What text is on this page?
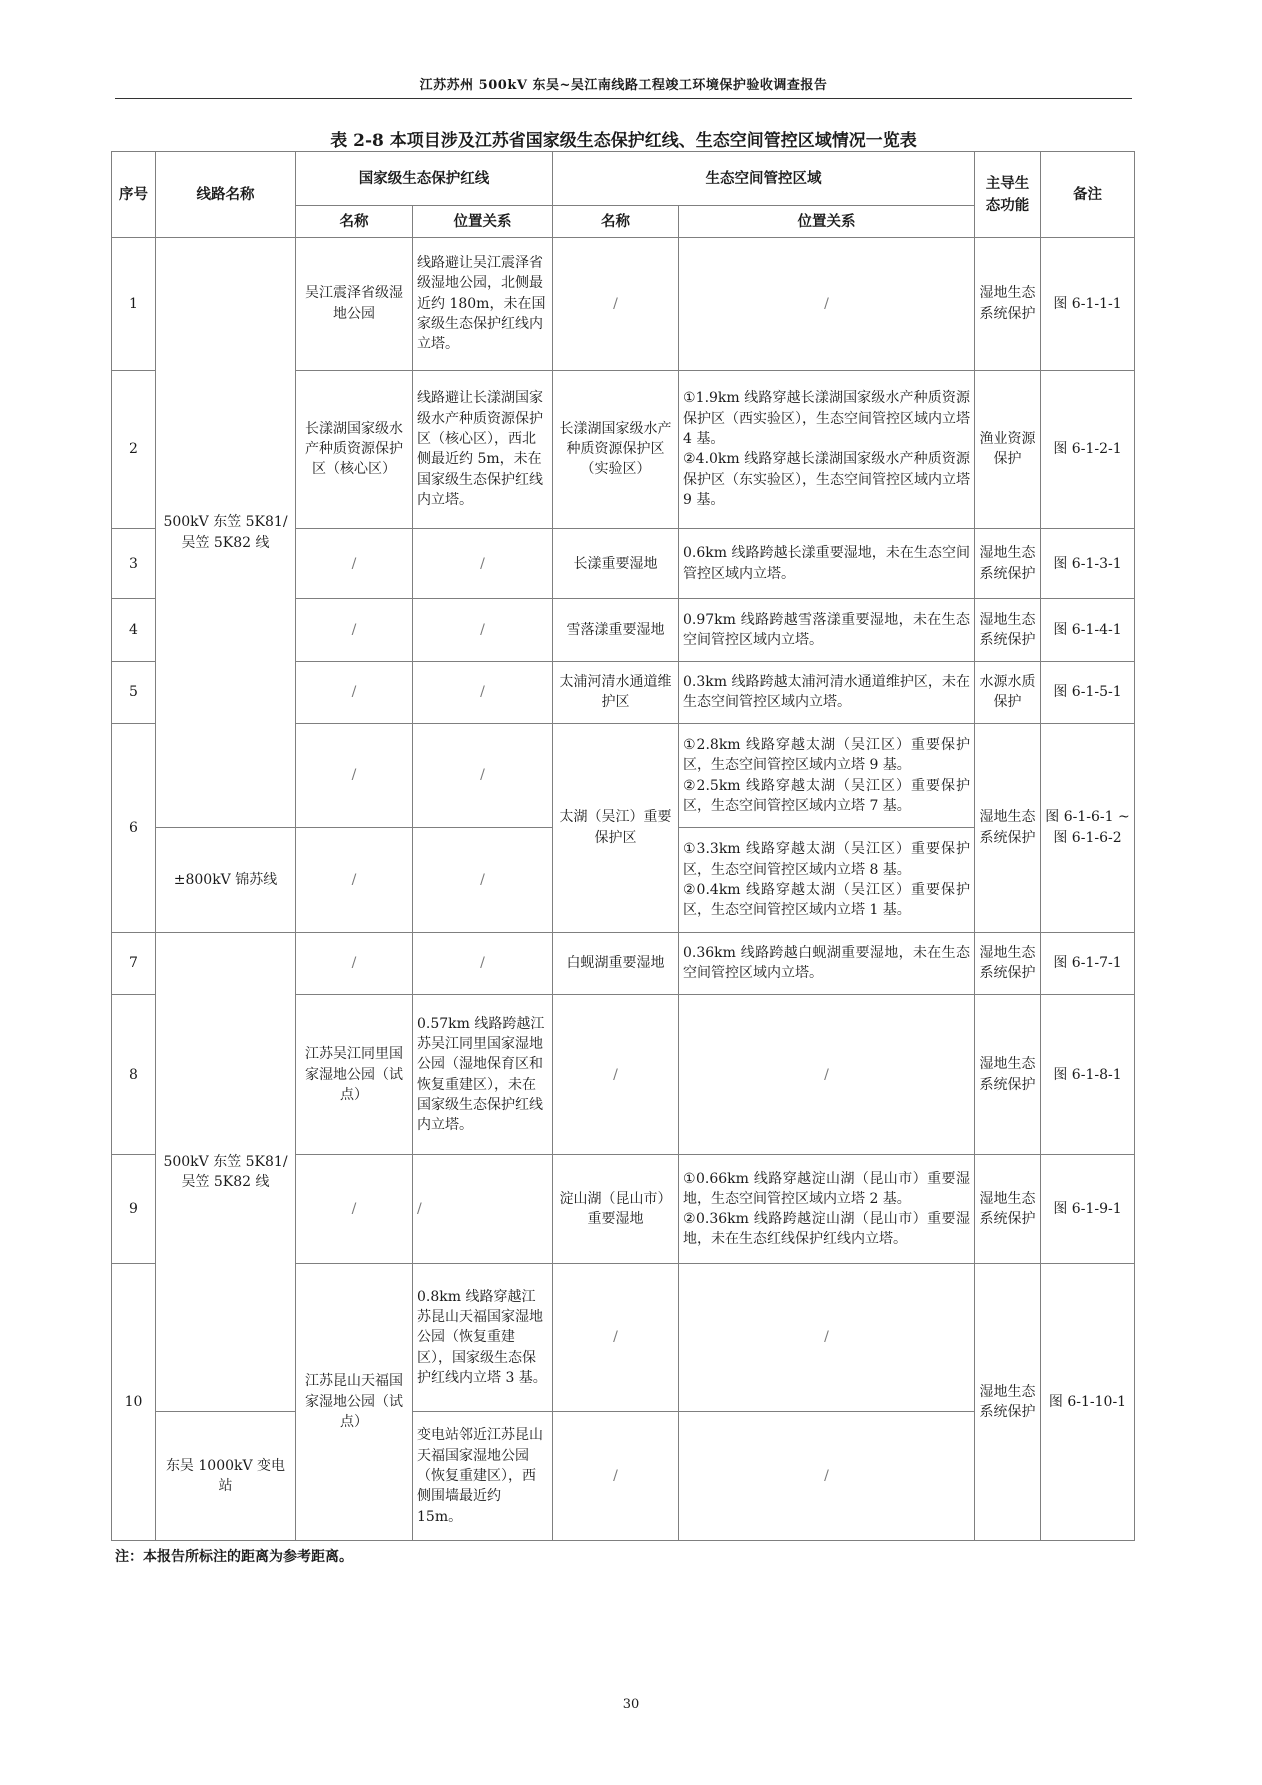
江苏苏州 500kV 东吴~吴江南线路工程竣工环境保护验收调查报告
表 2-8 本项目涉及江苏省国家级生态保护红线、生态空间管控区域情况一览表
序号	线路名称	国家级生态保护红线		生态空间管控区域		主导生态功能	备注
		名称	位置关系	名称	位置关系		
1	500kV 东笠 5K81/吴笠 5K82 线	吴江震泽省级湿地公园	线路避让吴江震泽省级湿地公园，北侧最近约 180m，未在国家级生态保护红线内立塔。	/	/	湿地生态系统保护	图 6-1-1-1
2		长漾湖国家级水产种质资源保护区（核心区）	线路避让长漾湖国家级水产种质资源保护区（核心区），西北侧最近约 5m，未在国家级生态保护红线内立塔。	长漾湖国家级水产种质资源保护区（实验区）	①1.9km 线路穿越长漾湖国家级水产种质资源保护区（西实验区），生态空间管控区域内立塔 4 基。
②4.0km 线路穿越长漾湖国家级水产种质资源保护区（东实验区），生态空间管控区域内立塔 9 基。	渔业资源保护	图 6-1-2-1
3		/	/	长漾重要湿地	0.6km 线路跨越长漾重要湿地，未在生态空间管控区域内立塔。	湿地生态系统保护	图 6-1-3-1
4		/	/	雪落漾重要湿地	0.97km 线路跨越雪落漾重要湿地，未在生态空间管控区域内立塔。	湿地生态系统保护	图 6-1-4-1
5		/	/	太浦河清水通道维护区	0.3km 线路跨越太浦河清水通道维护区，未在生态空间管控区域内立塔。	水源水质保护	图 6-1-5-1
6		/	/	太湖（吴江）重要保护区	①2.8km 线路穿越太湖（吴江区）重要保护区，生态空间管控区域内立塔 9 基。
②2.5km 线路穿越太湖（吴江区）重要保护区，生态空间管控区域内立塔 7 基。	湿地生态系统保护	图 6-1-6-1 ~图 6-1-6-2
	±800kV 锦苏线	/	/		①3.3km 线路穿越太湖（吴江区）重要保护区，生态空间管控区域内立塔 8 基。
②0.4km 线路穿越太湖（吴江区）重要保护区，生态空间管控区域内立塔 1 基。		

7	500kV 东笠 5K81/吴笠 5K82 线	/	/	白蚬湖重要湿地	0.36km 线路跨越白蚬湖重要湿地，未在生态空间管控区域内立塔。	湿地生态系统保护	图 6-1-7-1
8		江苏吴江同里国家湿地公园（试点）	0.57km 线路跨越江苏吴江同里国家湿地公园（湿地保育区和恢复重建区），未在国家级生态保护红线内立塔。	/	/	湿地生态系统保护	图 6-1-8-1
9		/	/	淀山湖（昆山市）重要湿地	①0.66km 线路穿越淀山湖（昆山市）重要湿地，生态空间管控区域内立塔 2 基。
②0.36km 线路跨越淀山湖（昆山市）重要湿地，未在生态红线保护红线内立塔。	湿地生态系统保护	图 6-1-9-1
10		江苏昆山天福国家湿地公园（试点）	0.8km 线路穿越江苏昆山天福国家湿地公园（恢复重建区），国家级生态保护红线内立塔 3 基。	/	/	湿地生态系统保护	图 6-1-10-1
	东吴 1000kV 变电站		变电站邻近江苏昆山天福国家湿地公园（恢复重建区），西侧围墙最近约 15m。	/	/		
注：本报告所标注的距离为参考距离。
30
